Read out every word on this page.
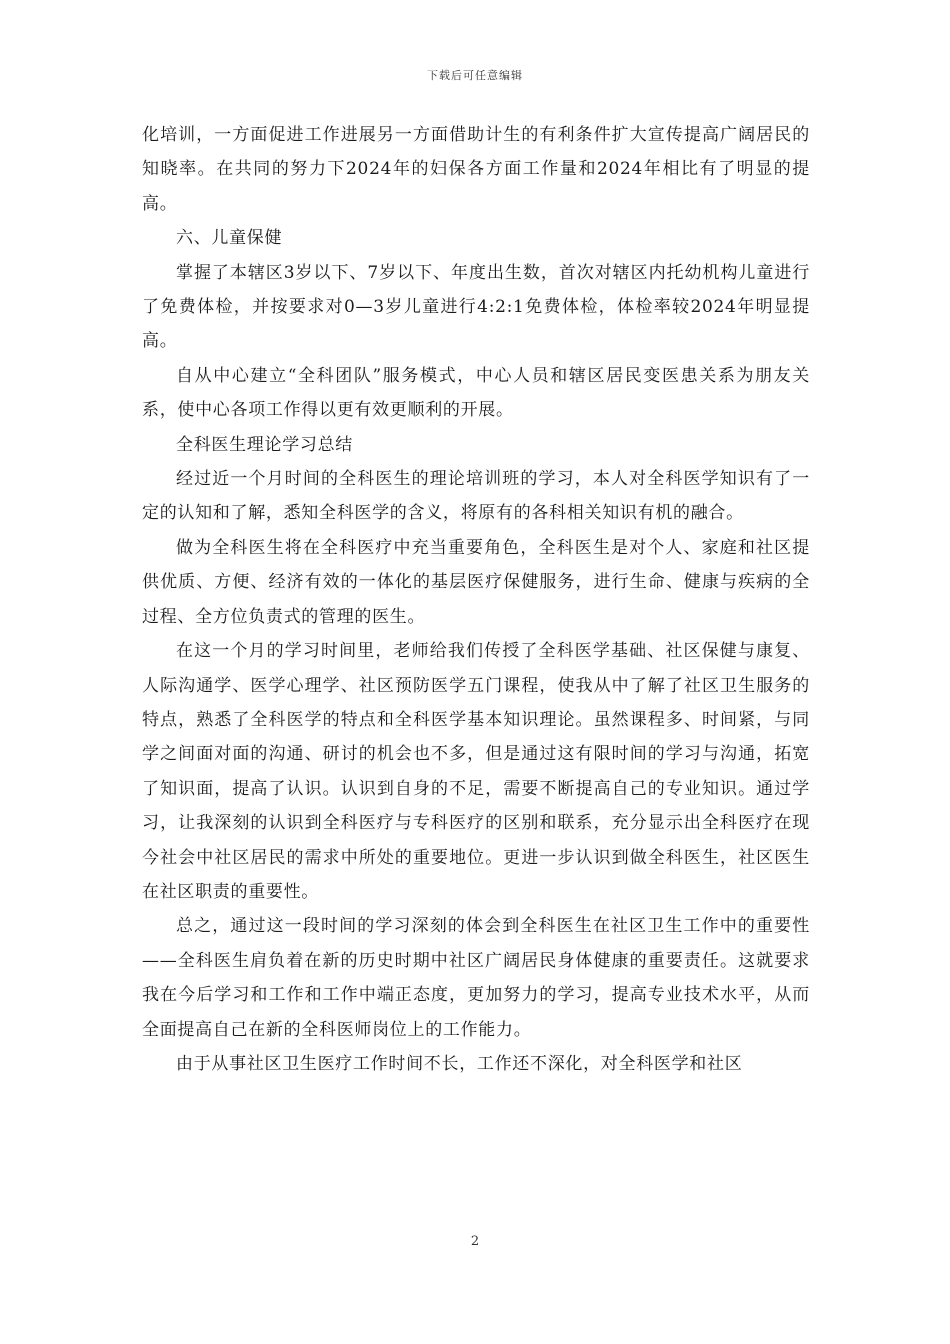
下载后可任意编辑

化培训，一方面促进工作进展另一方面借助计生的有利条件扩大宣传提高广阔居民的知晓率。在共同的努力下2024年的妇保各方面工作量和2024年相比有了明显的提高。

六、儿童保健

掌握了本辖区3岁以下、7岁以下、年度出生数，首次对辖区内托幼机构儿童进行了免费体检，并按要求对0—3岁儿童进行4:2:1免费体检，体检率较2024年明显提高。

自从中心建立“全科团队”服务模式，中心人员和辖区居民变医患关系为朋友关系，使中心各项工作得以更有效更顺利的开展。

全科医生理论学习总结

经过近一个月时间的全科医生的理论培训班的学习，本人对全科医学知识有了一定的认知和了解，悉知全科医学的含义，将原有的各科相关知识有机的融合。

做为全科医生将在全科医疗中充当重要角色，全科医生是对个人、家庭和社区提供优质、方便、经济有效的一体化的基层医疗保健服务，进行生命、健康与疾病的全过程、全方位负责式的管理的医生。

在这一个月的学习时间里，老师给我们传授了全科医学基础、社区保健与康复、人际沟通学、医学心理学、社区预防医学五门课程，使我从中了解了社区卫生服务的特点，熟悉了全科医学的特点和全科医学基本知识理论。虽然课程多、时间紧，与同学之间面对面的沟通、研讨的机会也不多，但是通过这有限时间的学习与沟通，拓宽了知识面，提高了认识。认识到自身的不足，需要不断提高自己的专业知识。通过学习，让我深刻的认识到全科医疗与专科医疗的区别和联系，充分显示出全科医疗在现今社会中社区居民的需求中所处的重要地位。更进一步认识到做全科医生，社区医生在社区职责的重要性。

总之，通过这一段时间的学习深刻的体会到全科医生在社区卫生工作中的重要性——全科医生肩负着在新的历史时期中社区广阔居民身体健康的重要责任。这就要求我在今后学习和工作和工作中端正态度，更加努力的学习，提高专业技术水平，从而全面提高自己在新的全科医师岗位上的工作能力。

由于从事社区卫生医疗工作时间不长，工作还不深化，对全科医学和社区

2
